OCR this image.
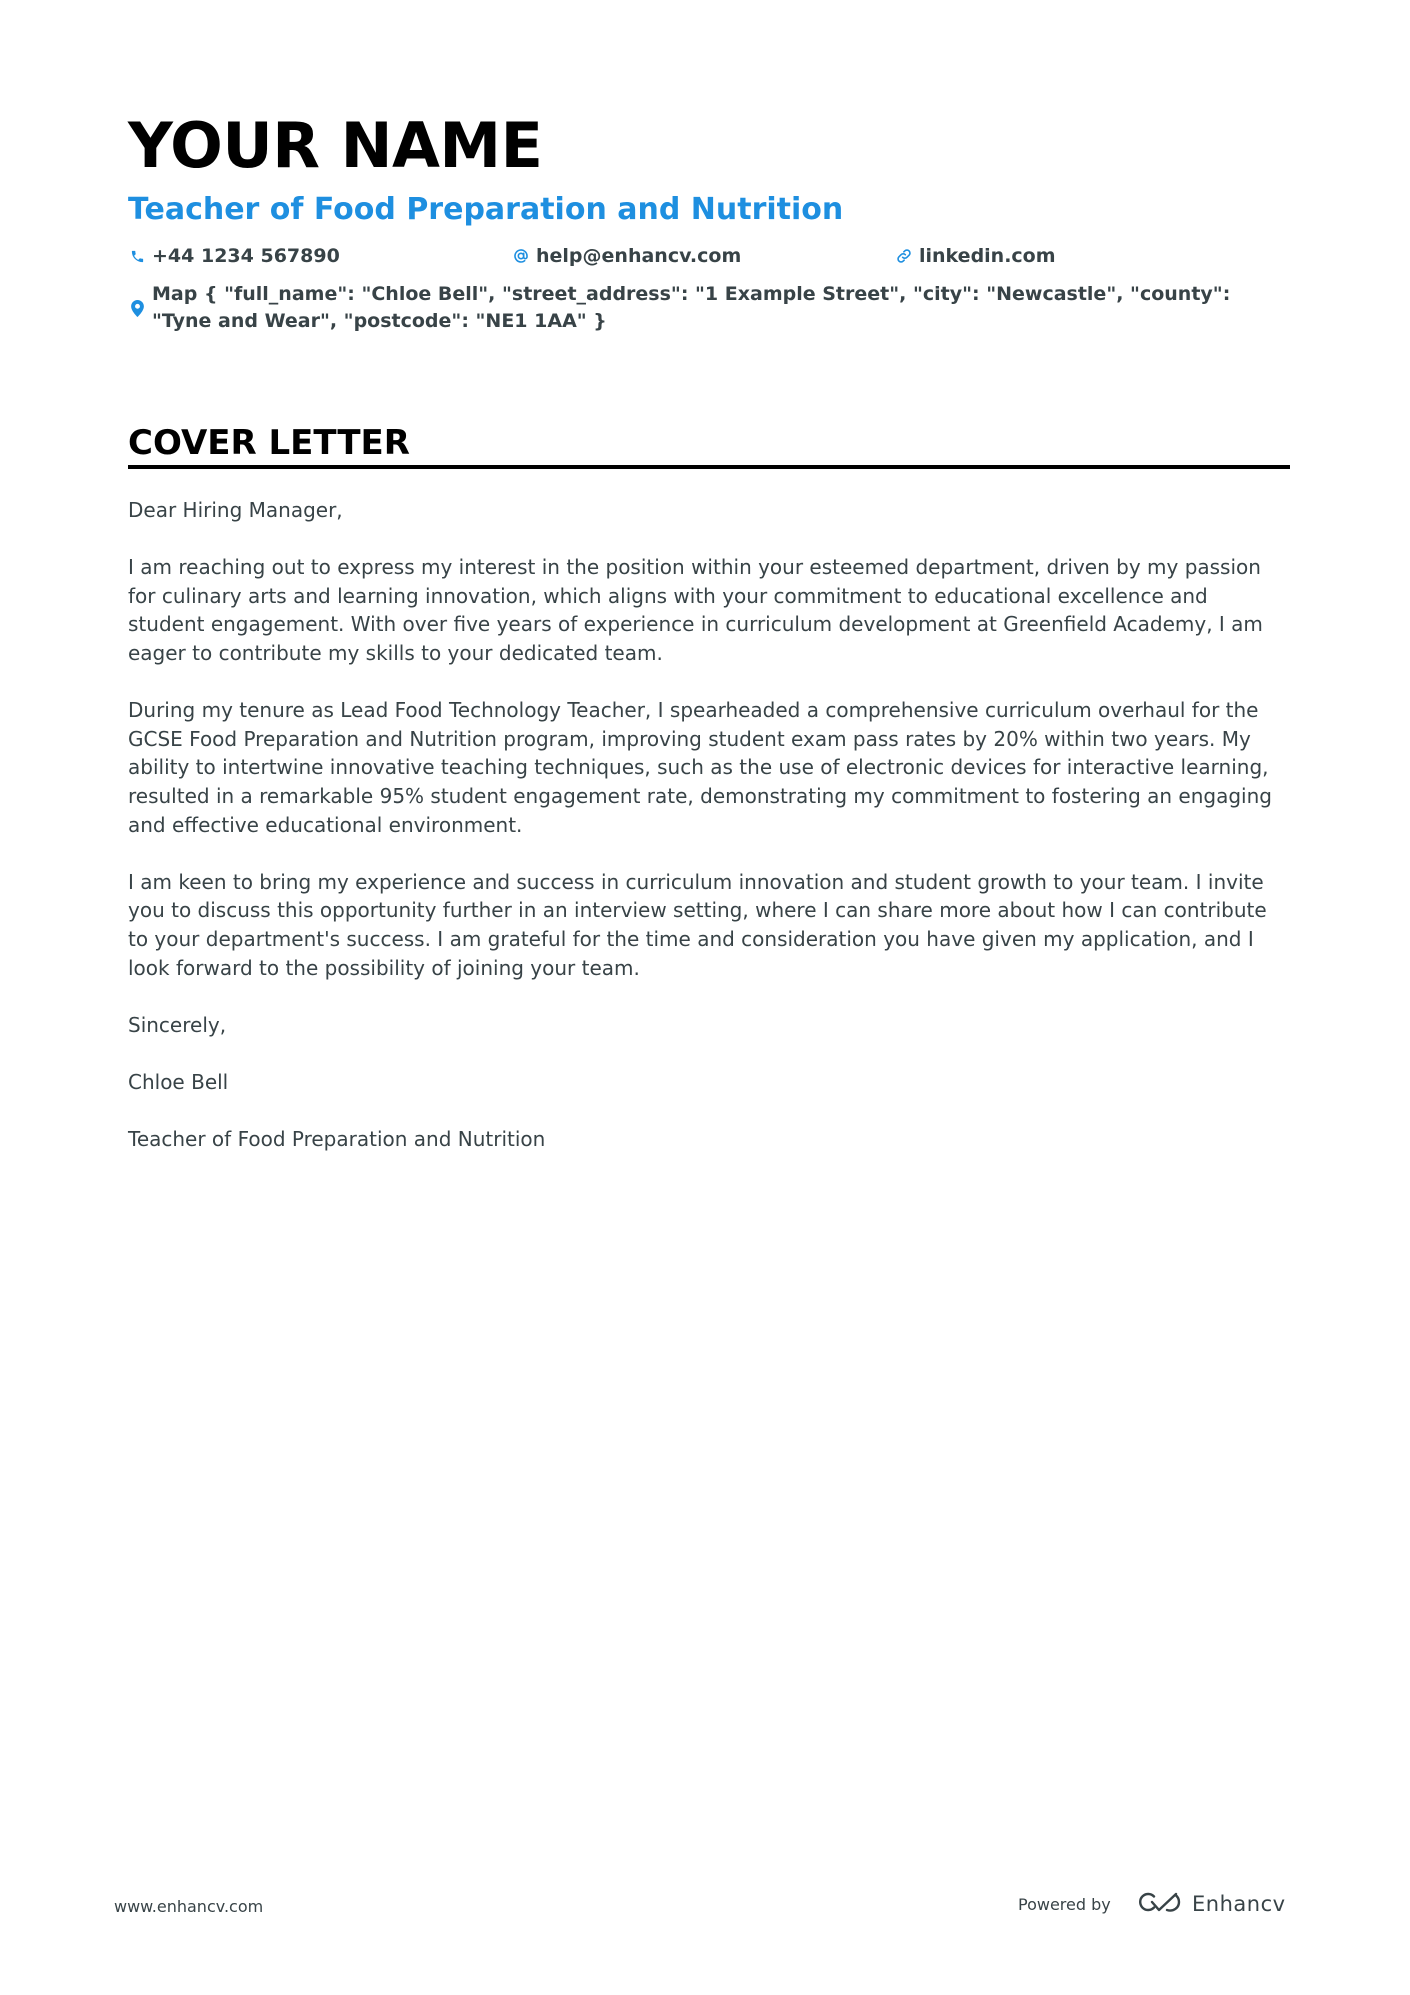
YOUR NAME
Teacher of Food Preparation and Nutrition
+44 1234 567890	help@enhancv.com	linkedin.com
Map { "full_name": "Chloe Bell", "street_address": "1 Example Street", "city": "Newcastle", "county": "Tyne and Wear", "postcode": "NE1 1AA" }
COVER LETTER

Dear Hiring Manager,

I am reaching out to express my interest in the position within your esteemed department, driven by my passion for culinary arts and learning innovation, which aligns with your commitment to educational excellence and student engagement. With over five years of experience in curriculum development at Greenfield Academy, I am eager to contribute my skills to your dedicated team.

During my tenure as Lead Food Technology Teacher, I spearheaded a comprehensive curriculum overhaul for the GCSE Food Preparation and Nutrition program, improving student exam pass rates by 20% within two years. My ability to intertwine innovative teaching techniques, such as the use of electronic devices for interactive learning, resulted in a remarkable 95% student engagement rate, demonstrating my commitment to fostering an engaging and effective educational environment.

I am keen to bring my experience and success in curriculum innovation and student growth to your team. I invite you to discuss this opportunity further in an interview setting, where I can share more about how I can contribute to your department's success. I am grateful for the time and consideration you have given my application, and I look forward to the possibility of joining your team.

Sincerely,

Chloe Bell

Teacher of Food Preparation and Nutrition

www.enhancv.com	Powered by	Enhancv
